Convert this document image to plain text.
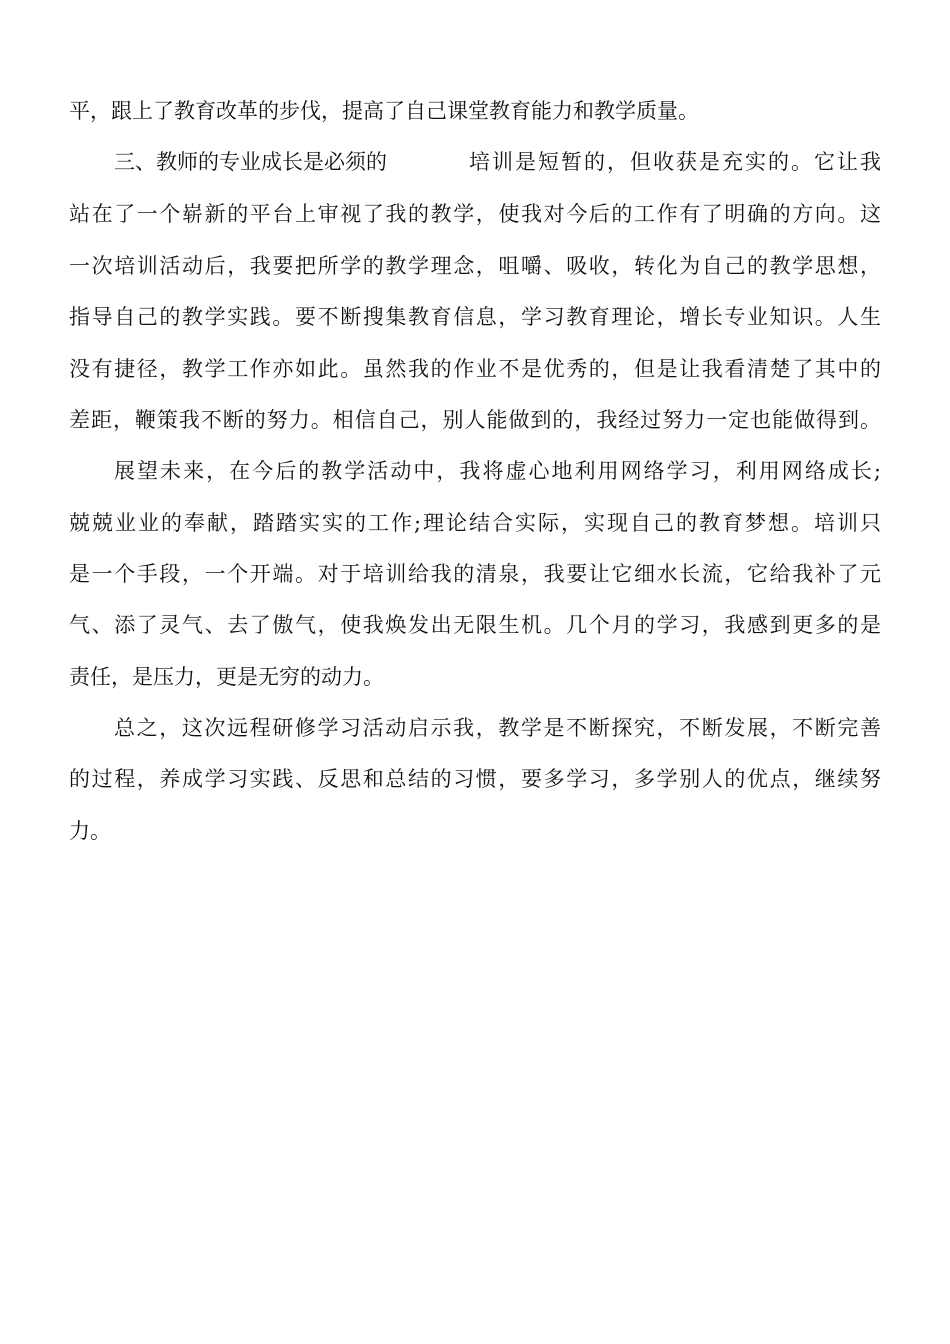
平，跟上了教育改革的步伐，提高了自己课堂教育能力和教学质量。
三、教师的专业成长是必须的	培训是短暂的，但收获是充实的。它让我
站在了一个崭新的平台上审视了我的教学，使我对今后的工作有了明确的方向。这
一次培训活动后，我要把所学的教学理念，咀嚼、吸收，转化为自己的教学思想，
指导自己的教学实践。要不断搜集教育信息，学习教育理论，增长专业知识。人生
没有捷径，教学工作亦如此。虽然我的作业不是优秀的，但是让我看清楚了其中的
差距，鞭策我不断的努力。相信自己，别人能做到的，我经过努力一定也能做得到。
展望未来，在今后的教学活动中，我将虚心地利用网络学习，利用网络成长;
兢兢业业的奉献，踏踏实实的工作;理论结合实际，实现自己的教育梦想。培训只
是一个手段，一个开端。对于培训给我的清泉，我要让它细水长流，它给我补了元
气、添了灵气、去了傲气，使我焕发出无限生机。几个月的学习，我感到更多的是
责任，是压力，更是无穷的动力。
总之，这次远程研修学习活动启示我，教学是不断探究，不断发展，不断完善
的过程，养成学习实践、反思和总结的习惯，要多学习，多学别人的优点，继续努
力。
